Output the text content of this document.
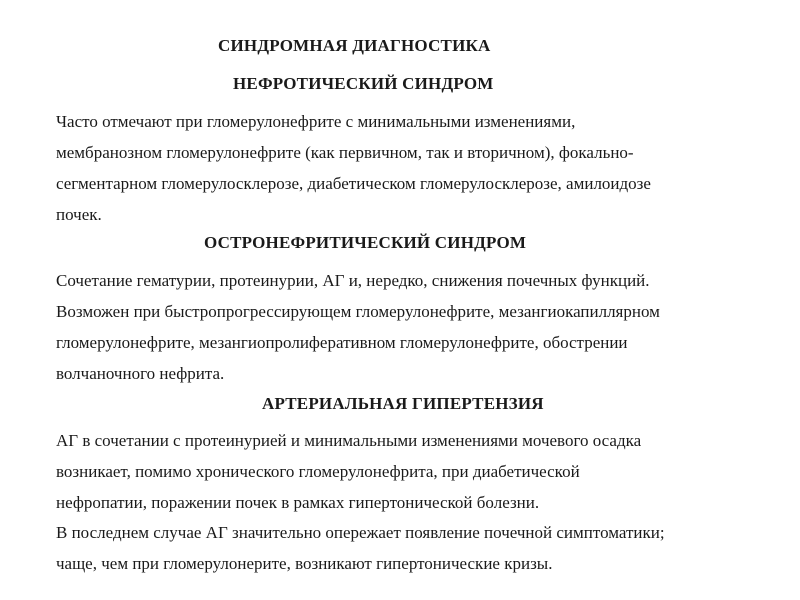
СИНДРОМНАЯ ДИАГНОСТИКА
НЕФРОТИЧЕСКИЙ СИНДРОМ
Часто отмечают при гломерулонефрите с минимальными изменениями,
мембранозном гломерулонефрите (как первичном, так и вторичном), фокально-
сегментарном гломерулосклерозе, диабетическом гломерулосклерозе, амилоидозе
почек.
ОСТРОНЕФРИТИЧЕСКИЙ СИНДРОМ
Сочетание гематурии, протеинурии, АГ и, нередко, снижения почечных функций.
Возможен при быстропрогрессирующем гломерулонефрите, мезангиокапиллярном
гломерулонефрите, мезангиопролиферативном гломерулонефрите, обострении
волчаночного нефрита.
АРТЕРИАЛЬНАЯ ГИПЕРТЕНЗИЯ
АГ в сочетании с протеинурией и минимальными изменениями мочевого осадка
возникает, помимо хронического гломерулонефрита, при диабетической
нефропатии, поражении почек в рамках гипертонической болезни.
В последнем случае АГ значительно опережает появление почечной симптоматики;
чаще, чем при гломерулонерите, возникают гипертонические кризы.
